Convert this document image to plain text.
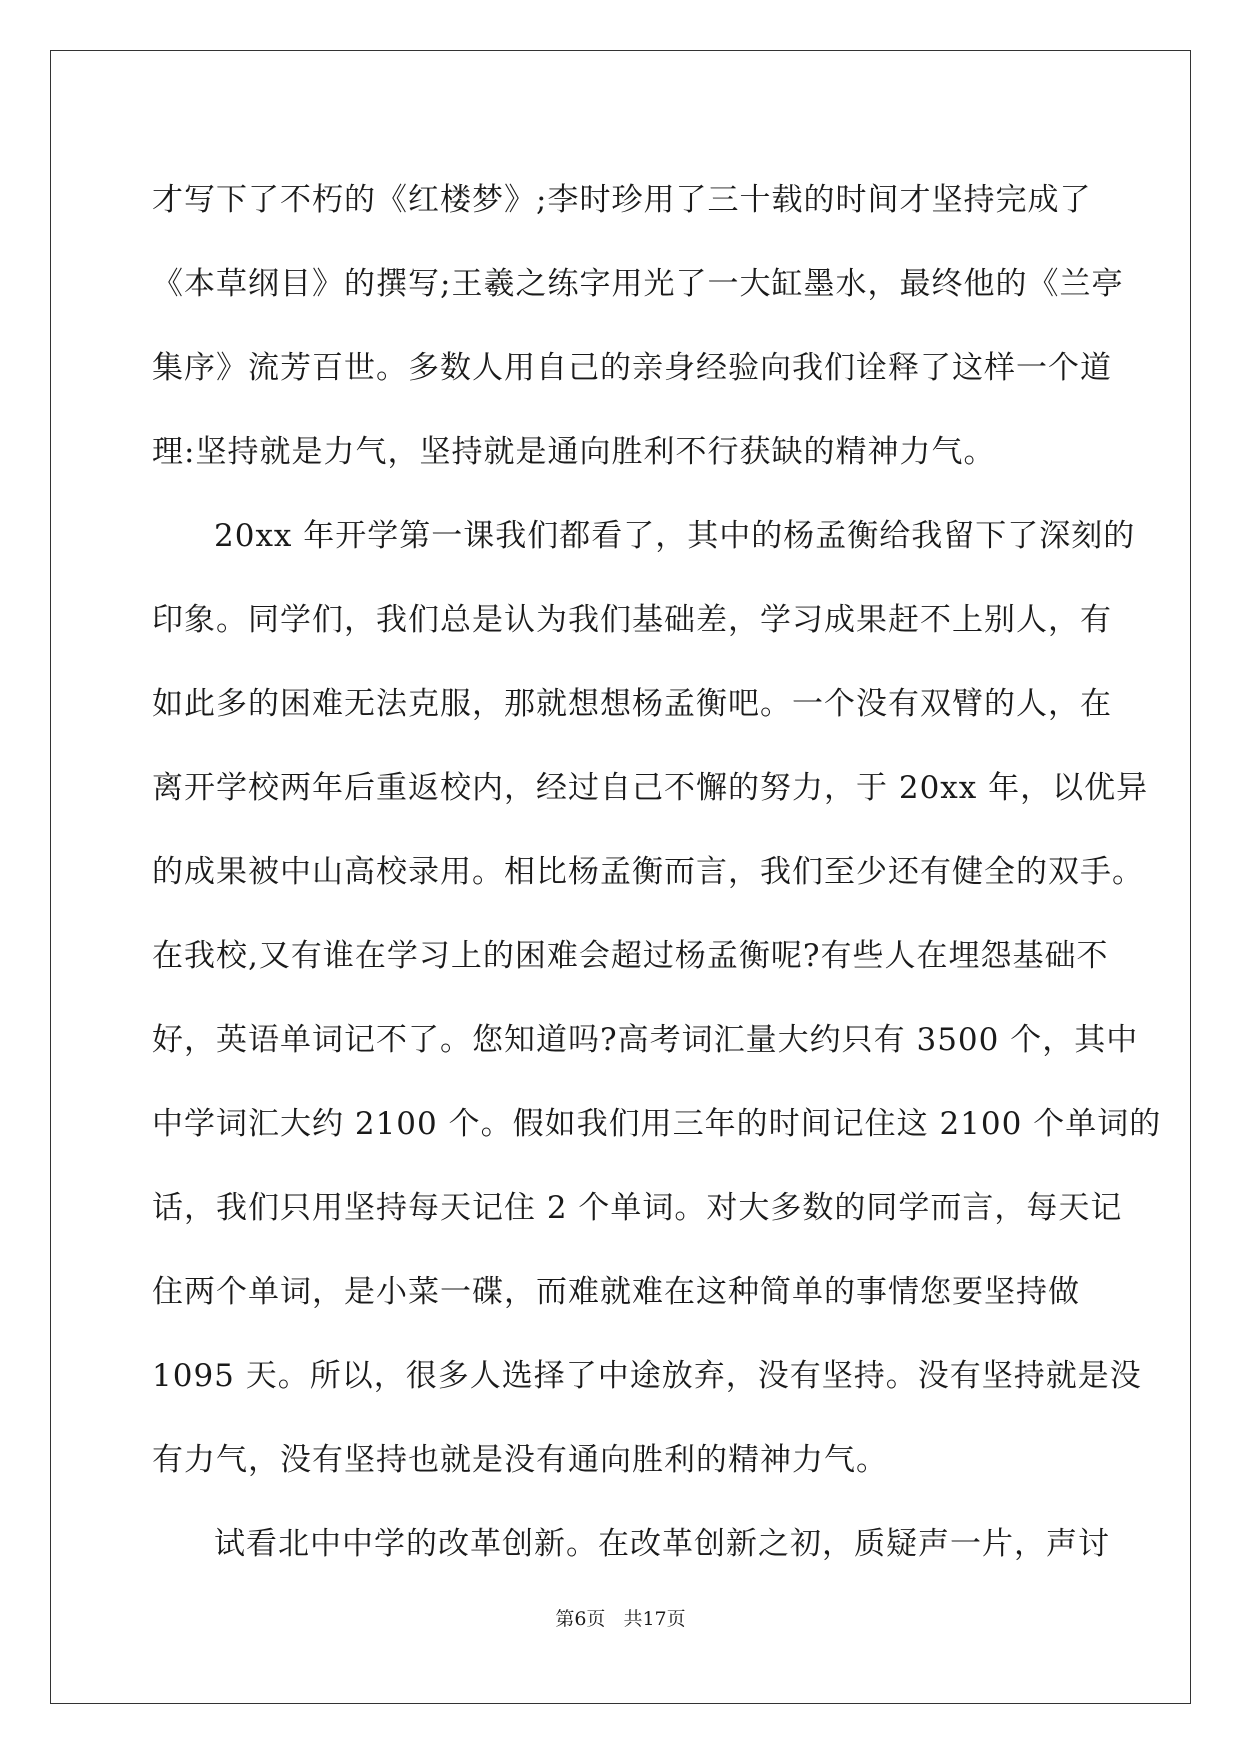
才写下了不朽的《红楼梦》;李时珍用了三十载的时间才坚持完成了
《本草纲目》的撰写;王羲之练字用光了一大缸墨水，最终他的《兰亭
集序》流芳百世。多数人用自己的亲身经验向我们诠释了这样一个道
理:坚持就是力气，坚持就是通向胜利不行获缺的精神力气。
20xx 年开学第一课我们都看了，其中的杨孟衡给我留下了深刻的
印象。同学们，我们总是认为我们基础差，学习成果赶不上别人，有
如此多的困难无法克服，那就想想杨孟衡吧。一个没有双臂的人，在
离开学校两年后重返校内，经过自己不懈的努力，于 20xx 年，以优异
的成果被中山高校录用。相比杨孟衡而言，我们至少还有健全的双手。
在我校,又有谁在学习上的困难会超过杨孟衡呢?有些人在埋怨基础不
好，英语单词记不了。您知道吗?高考词汇量大约只有 3500 个，其中
中学词汇大约 2100 个。假如我们用三年的时间记住这 2100 个单词的
话，我们只用坚持每天记住 2 个单词。对大多数的同学而言，每天记
住两个单词，是小菜一碟，而难就难在这种简单的事情您要坚持做
1095 天。所以，很多人选择了中途放弃，没有坚持。没有坚持就是没
有力气，没有坚持也就是没有通向胜利的精神力气。
试看北中中学的改革创新。在改革创新之初，质疑声一片，声讨
第6页 共17页
